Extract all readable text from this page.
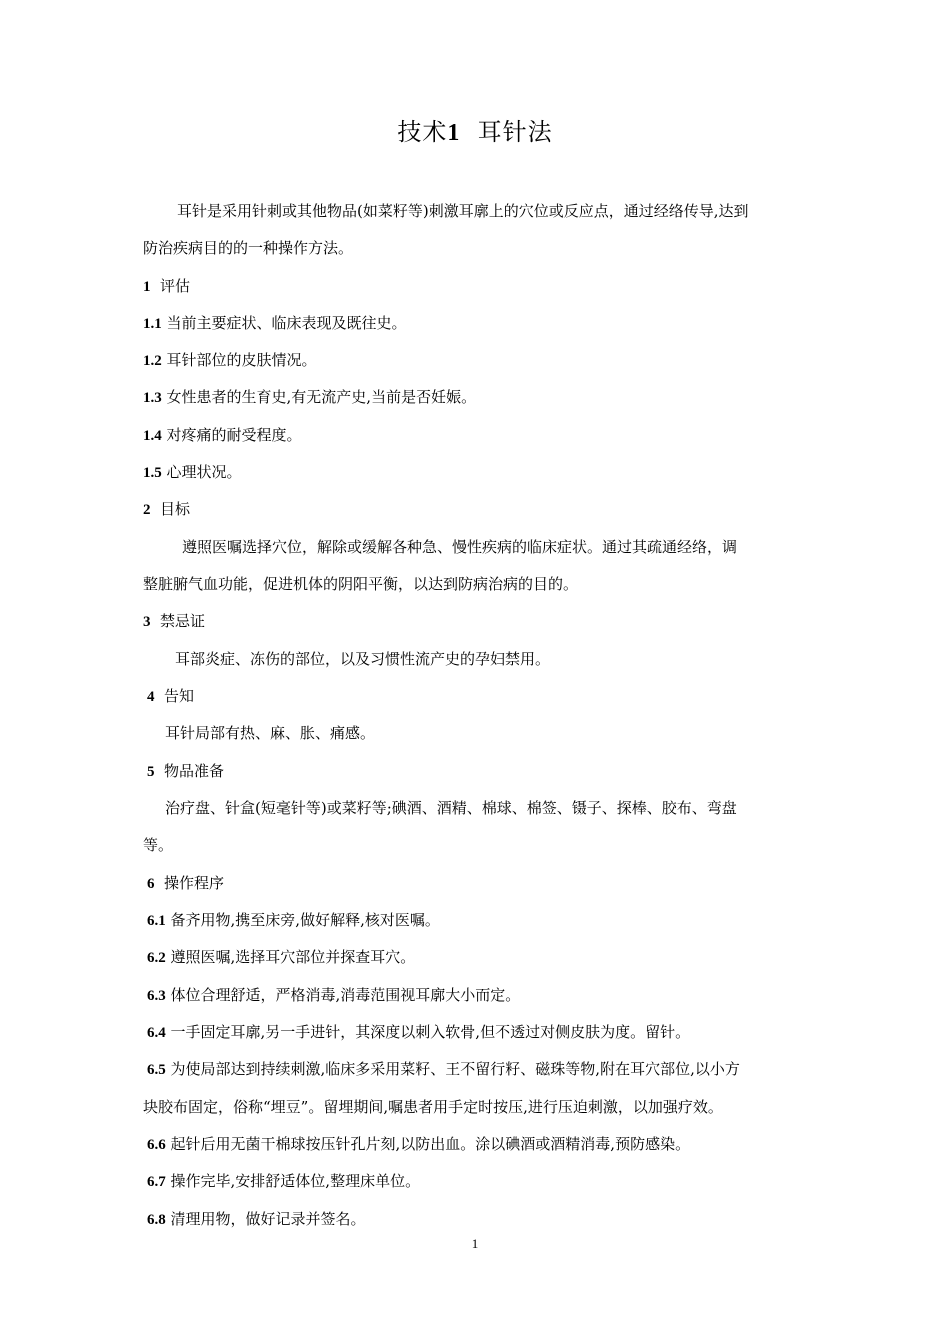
技术1 耳针法
耳针是采用针刺或其他物品(如菜籽等)刺激耳廓上的穴位或反应点，通过经络传导,达到
防治疾病目的的一种操作方法。
1 评估
1.1 当前主要症状、临床表现及既往史。
1.2 耳针部位的皮肤情况。
1.3 女性患者的生育史,有无流产史,当前是否妊娠。
1.4 对疼痛的耐受程度。
1.5 心理状况。
2 目标
遵照医嘱选择穴位，解除或缓解各种急、慢性疾病的临床症状。通过其疏通经络，调
整脏腑气血功能，促进机体的阴阳平衡，以达到防病治病的目的。
3 禁忌证
耳部炎症、冻伤的部位，以及习惯性流产史的孕妇禁用。
4 告知
耳针局部有热、麻、胀、痛感。
5 物品准备
治疗盘、针盒(短毫针等)或菜籽等;碘酒、酒精、棉球、棉签、镊子、探棒、胶布、弯盘
等。
6 操作程序
6.1 备齐用物,携至床旁,做好解释,核对医嘱。
6.2 遵照医嘱,选择耳穴部位并探查耳穴。
6.3 体位合理舒适，严格消毒,消毒范围视耳廓大小而定。
6.4 一手固定耳廓,另一手进针，其深度以刺入软骨,但不透过对侧皮肤为度。留针。
6.5 为使局部达到持续刺激,临床多采用菜籽、王不留行籽、磁珠等物,附在耳穴部位,以小方
块胶布固定，俗称“埋豆”。留埋期间,嘱患者用手定时按压,进行压迫刺激，以加强疗效。
6.6 起针后用无菌干棉球按压针孔片刻,以防出血。涂以碘酒或酒精消毒,预防感染。
6.7 操作完毕,安排舒适体位,整理床单位。
6.8 清理用物，做好记录并签名。
1
